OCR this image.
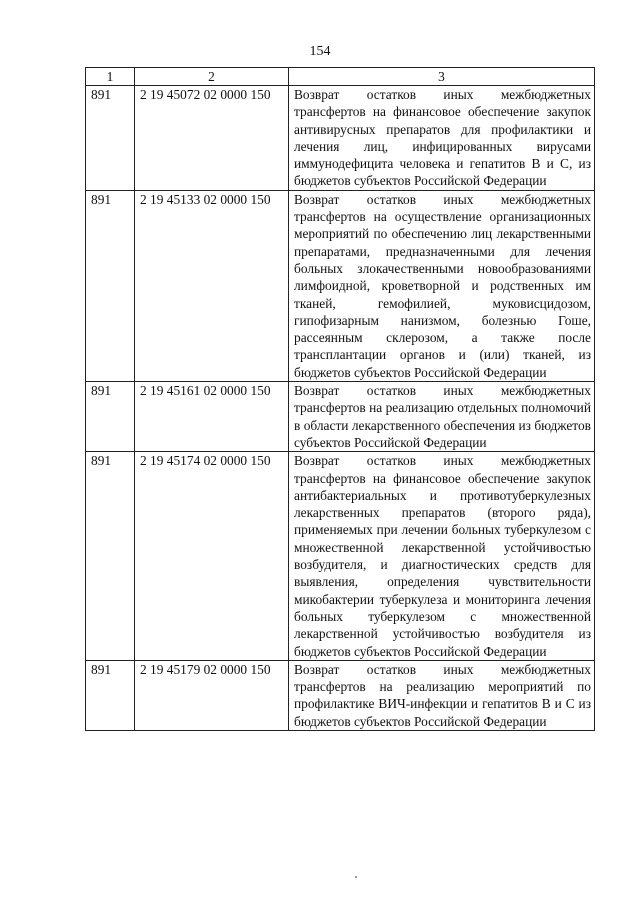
154
1	2	3
891	2 19 45072 02 0000 150	Возврат остатков иных межбюджетных трансфертов на финансовое обеспечение закупок антивирусных препаратов для профилактики и лечения лиц, инфицированных вирусами иммунодефицита человека и гепатитов В и С, из бюджетов субъектов Российской Федерации
891	2 19 45133 02 0000 150	Возврат остатков иных межбюджетных трансфертов на осуществление организационных мероприятий по обеспечению лиц лекарственными препаратами, предназначенными для лечения больных злокачественными новообразованиями лимфоидной, кроветворной и родственных им тканей, гемофилией, муковисцидозом, гипофизарным нанизмом, болезнью Гоше, рассеянным склерозом, а также после трансплантации органов и (или) тканей, из бюджетов субъектов Российской Федерации
891	2 19 45161 02 0000 150	Возврат остатков иных межбюджетных трансфертов на реализацию отдельных полномочий в области лекарственного обеспечения из бюджетов субъектов Российской Федерации
891	2 19 45174 02 0000 150	Возврат остатков иных межбюджетных трансфертов на финансовое обеспечение закупок антибактериальных и противотуберкулезных лекарственных препаратов (второго ряда), применяемых при лечении больных туберкулезом с множественной лекарственной устойчивостью возбудителя, и диагностических средств для выявления, определения чувствительности микобактерии туберкулеза и мониторинга лечения больных туберкулезом с множественной лекарственной устойчивостью возбудителя из бюджетов субъектов Российской Федерации
891	2 19 45179 02 0000 150	Возврат остатков иных межбюджетных трансфертов на реализацию мероприятий по профилактике ВИЧ-инфекции и гепатитов В и С из бюджетов субъектов Российской Федерации
